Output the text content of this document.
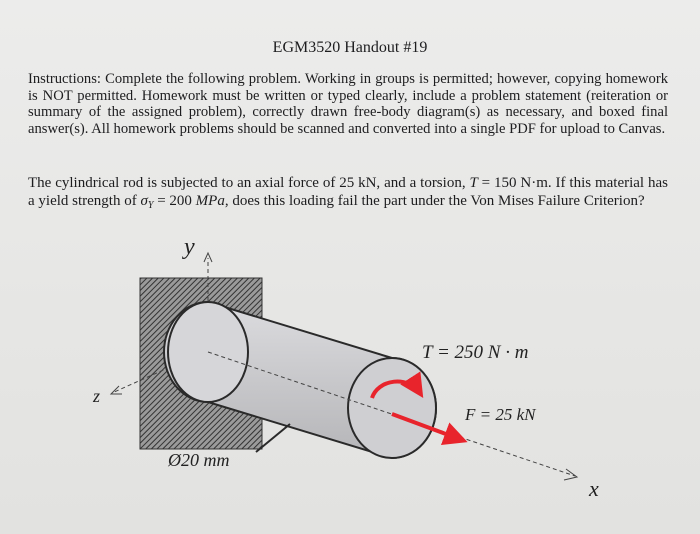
EGM3520 Handout #19
Instructions: Complete the following problem. Working in groups is permitted; however, copying homework is NOT permitted. Homework must be written or typed clearly, include a problem statement (reiteration or summary of the assigned problem), correctly drawn free-body diagram(s) as necessary, and boxed final answer(s). All homework problems should be scanned and converted into a single PDF for upload to Canvas.
The cylindrical rod is subjected to an axial force of 25 kN, and a torsion, T = 150 N·m. If this material has a yield strength of $\sigma_Y = 200$ MPa, does this loading fail the part under the Von Mises Failure Criterion?
y
z
x
T = 250 N · m
F = 25 kN
Ø20 mm
